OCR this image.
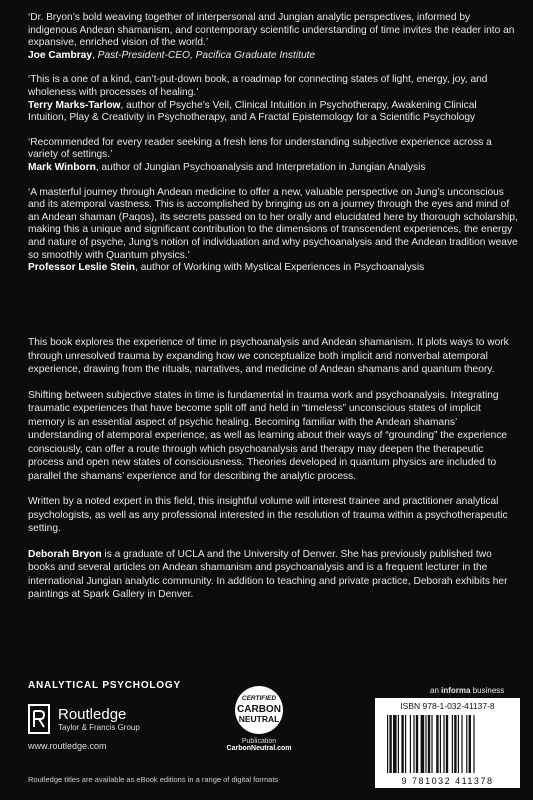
‘Dr. Bryon’s bold weaving together of interpersonal and Jungian analytic perspectives, informed by indigenous Andean shamanism, and contemporary scientific understanding of time invites the reader into an expansive, enriched vision of the world.’

Joe Cambray, Past-President-CEO, Pacifica Graduate Institute

‘This is a one of a kind, can’t-put-down book, a roadmap for connecting states of light, energy, joy, and wholeness with processes of healing.’

Terry Marks-Tarlow, author of Psyche’s Veil, Clinical Intuition in Psychotherapy, Awakening Clinical Intuition, Play & Creativity in Psychotherapy, and A Fractal Epistemology for a Scientific Psychology

‘Recommended for every reader seeking a fresh lens for understanding subjective experience across a variety of settings.’

Mark Winborn, author of Jungian Psychoanalysis and Interpretation in Jungian Analysis

‘A masterful journey through Andean medicine to offer a new, valuable perspective on Jung’s unconscious and its atemporal vastness. This is accomplished by bringing us on a journey through the eyes and mind of an Andean shaman (Paqos), its secrets passed on to her orally and elucidated here by thorough scholarship, making this a unique and significant contribution to the dimensions of transcendent experiences, the energy and nature of psyche, Jung’s notion of individuation and why psychoanalysis and the Andean tradition weave so smoothly with Quantum physics.’

Professor Leslie Stein, author of Working with Mystical Experiences in Psychoanalysis

This book explores the experience of time in psychoanalysis and Andean shamanism. It plots ways to work through unresolved trauma by expanding how we conceptualize both implicit and nonverbal atemporal experience, drawing from the rituals, narratives, and medicine of Andean shamans and quantum theory.

Shifting between subjective states in time is fundamental in trauma work and psychoanalysis. Integrating traumatic experiences that have become split off and held in “timeless” unconscious states of implicit memory is an essential aspect of psychic healing. Becoming familiar with the Andean shamans’ understanding of atemporal experience, as well as learning about their ways of “grounding” the experience consciously, can offer a route through which psychoanalysis and therapy may deepen the therapeutic process and open new states of consciousness. Theories developed in quantum physics are included to parallel the shamans’ experience and for describing the analytic process.

Written by a noted expert in this field, this insightful volume will interest trainee and practitioner analytical psychologists, as well as any professional interested in the resolution of trauma within a psychotherapeutic setting.

Deborah Bryon is a graduate of UCLA and the University of Denver. She has previously published two books and several articles on Andean shamanism and psychoanalysis and is a frequent lecturer in the international Jungian analytic community. In addition to teaching and private practice, Deborah exhibits her paintings at Spark Gallery in Denver.

ANALYTICAL PSYCHOLOGY
Routledge
Taylor & Francis Group
www.routledge.com
Routledge titles are available as eBook editions in a range of digital formats
CERTIFIED
CARBON
NEUTRAL
Publication
CarbonNeutral.com
an informa business
ISBN 978-1-032-41137-8
9 781032 411378
